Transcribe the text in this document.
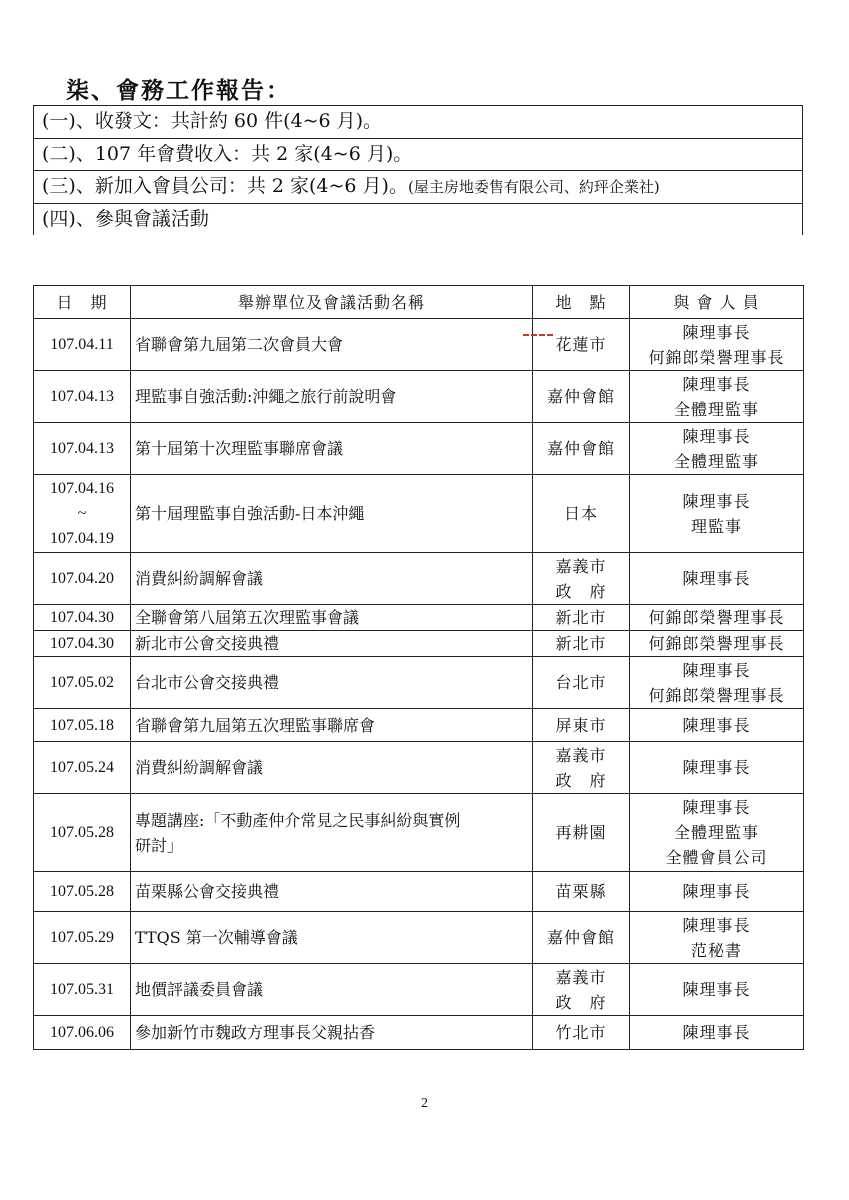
柒、會務工作報告：
(一)、收發文：共計約 60 件(4~6 月)。
(二)、107 年會費收入：共 2 家(4~6 月)。
(三)、新加入會員公司：共 2 家(4~6 月)。(屋主房地委售有限公司、約玶企業社)
(四)、參與會議活動
日　期	舉辦單位及會議活動名稱	地　點	與 會 人 員

107.04.11	省聯會第九屆第二次會員大會	花蓮市	陳理事長
何錦郎榮譽理事長

107.04.13	理監事自強活動:沖繩之旅行前說明會	嘉仲會館	陳理事長
全體理監事

107.04.13	第十屆第十次理監事聯席會議	嘉仲會館	陳理事長
全體理監事

107.04.16
~
107.04.19	第十屆理監事自強活動-日本沖繩	日本	陳理事長
理監事

107.04.20	消費糾紛調解會議	嘉義市
政　府	陳理事長

107.04.30	全聯會第八屆第五次理監事會議	新北市	何錦郎榮譽理事長

107.04.30	新北市公會交接典禮	新北市	何錦郎榮譽理事長

107.05.02	台北市公會交接典禮	台北市	陳理事長
何錦郎榮譽理事長

107.05.18	省聯會第九屆第五次理監事聯席會	屏東市	陳理事長

107.05.24	消費糾紛調解會議	嘉義市
政　府	陳理事長

107.05.28	專題講座:「不動產仲介常見之民事糾紛與實例
研討」	再耕園	陳理事長
全體理監事
全體會員公司

107.05.28	苗栗縣公會交接典禮	苗栗縣	陳理事長

107.05.29	TTQS 第一次輔導會議	嘉仲會館	陳理事長
范秘書

107.05.31	地價評議委員會議	嘉義市
政　府	陳理事長

107.06.06	參加新竹市魏政方理事長父親拈香	竹北市	陳理事長
2
